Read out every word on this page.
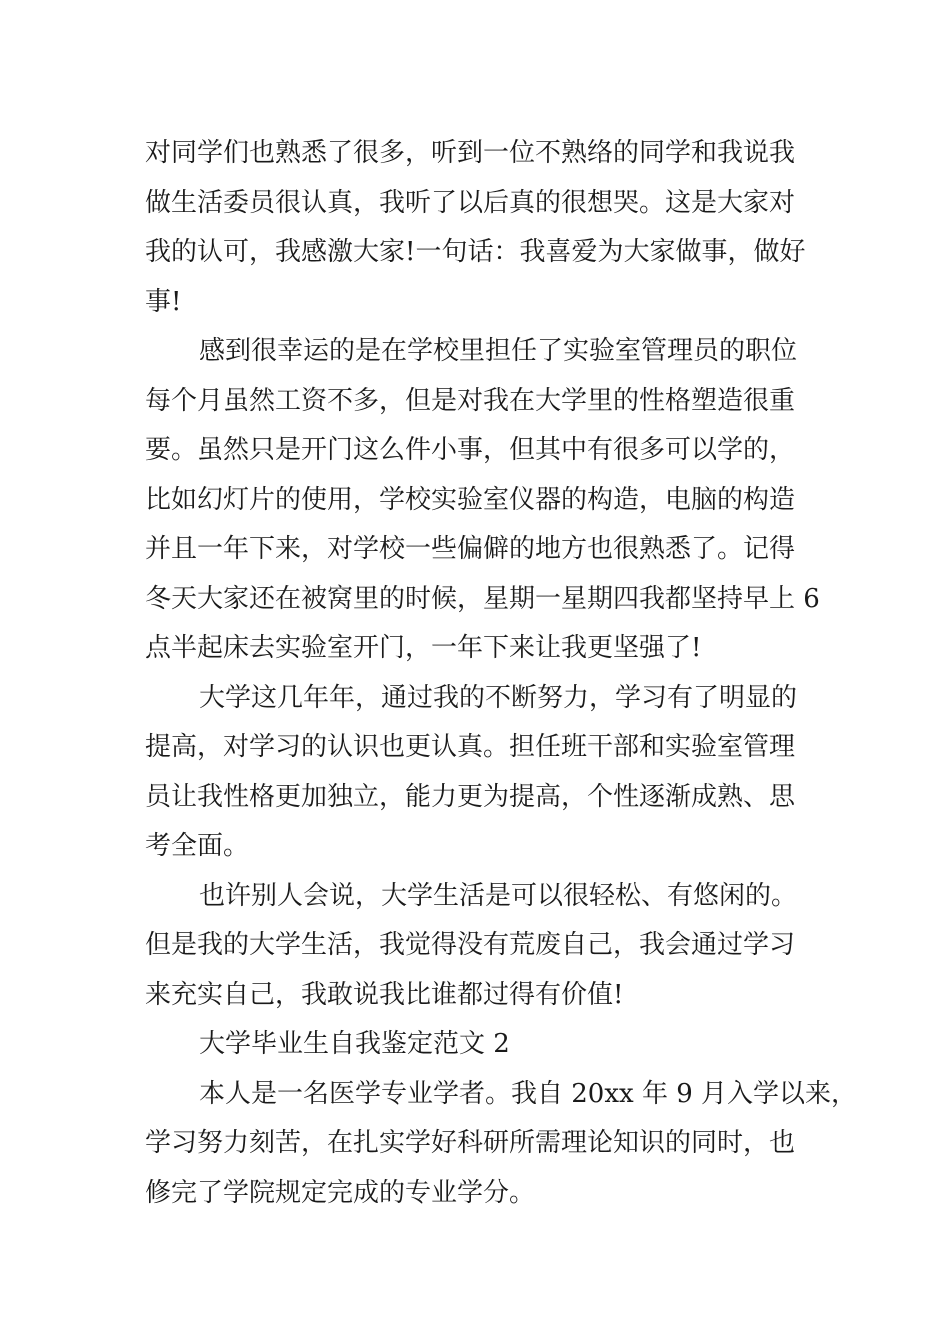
对同学们也熟悉了很多，听到一位不熟络的同学和我说我
做生活委员很认真，我听了以后真的很想哭。这是大家对
我的认可，我感激大家!一句话：我喜爱为大家做事，做好
事!

感到很幸运的是在学校里担任了实验室管理员的职位
每个月虽然工资不多，但是对我在大学里的性格塑造很重
要。虽然只是开门这么件小事，但其中有很多可以学的，
比如幻灯片的使用，学校实验室仪器的构造，电脑的构造
并且一年下来，对学校一些偏僻的地方也很熟悉了。记得
冬天大家还在被窝里的时候，星期一星期四我都坚持早上 6
点半起床去实验室开门，一年下来让我更坚强了!

大学这几年年，通过我的不断努力，学习有了明显的
提高，对学习的认识也更认真。担任班干部和实验室管理
员让我性格更加独立，能力更为提高，个性逐渐成熟、思
考全面。

也许别人会说，大学生活是可以很轻松、有悠闲的。
但是我的大学生活，我觉得没有荒废自己，我会通过学习
来充实自己，我敢说我比谁都过得有价值!

大学毕业生自我鉴定范文 2

本人是一名医学专业学者。我自 20xx 年 9 月入学以来，
学习努力刻苦，在扎实学好科研所需理论知识的同时，也
修完了学院规定完成的专业学分。
